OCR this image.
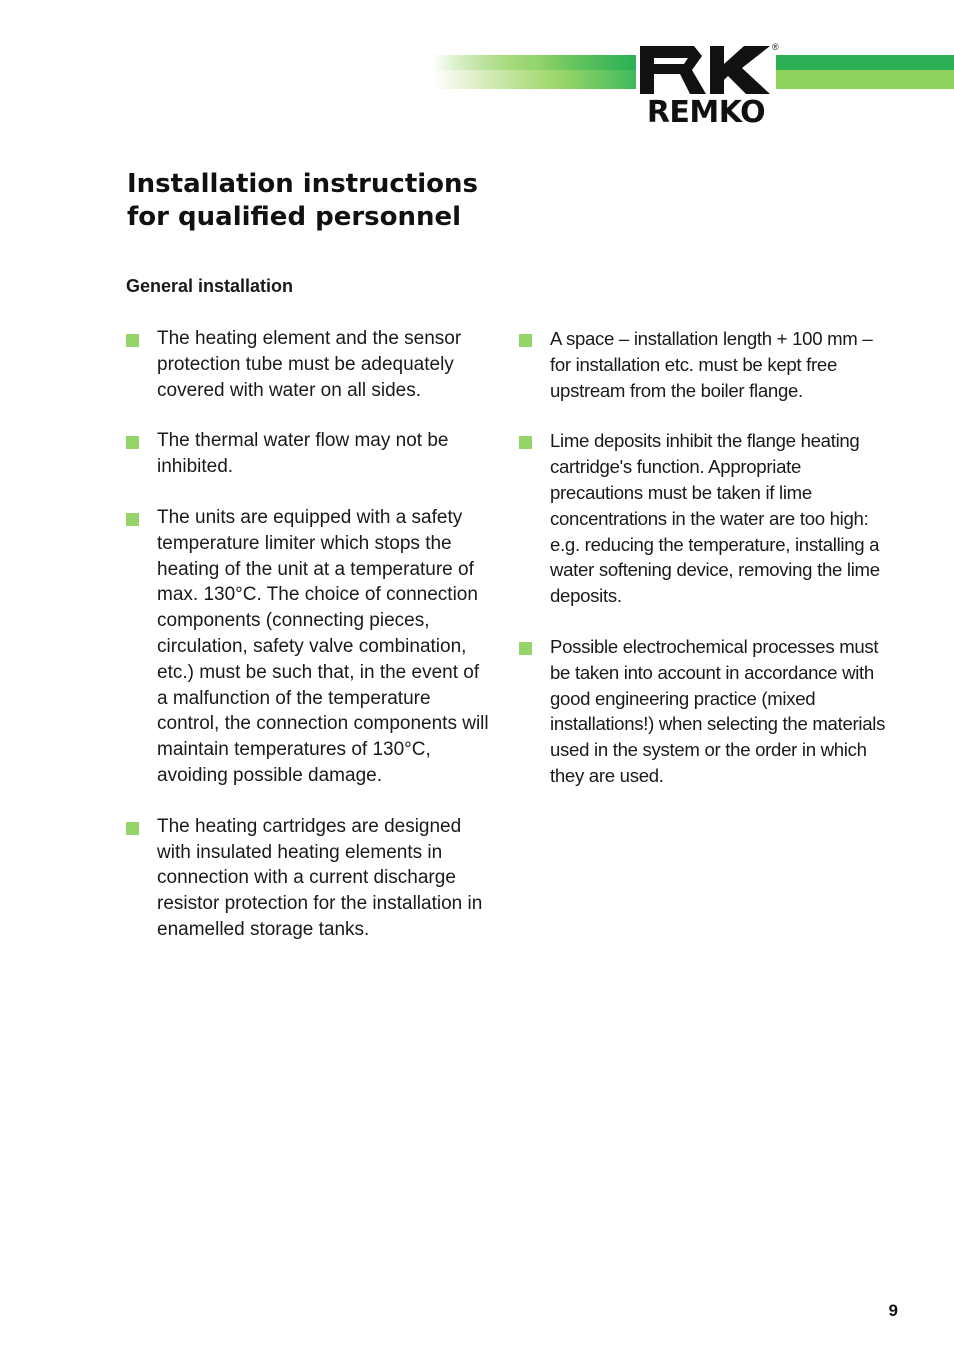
REMKO
®
Installation instructions
for qualified personnel
General installation
The heating element and the sensor protection tube must be adequately covered with water on all sides.
The thermal water flow may not be inhibited.
The units are equipped with a safety temperature limiter which stops the heating of the unit at a temperature of max. 130°C. The choice of connection components (connecting pieces, circulation, safety valve combination, etc.) must be such that, in the event of a malfunction of the temperature control, the connection components will maintain temperatures of 130°C, avoiding possible damage.
The heating cartridges are designed with insulated heating elements in connection with a current discharge resistor protection for the installation in enamelled storage tanks.
A space – installation length + 100 mm – for installation etc. must be kept free upstream from the boiler flange.
Lime deposits inhibit the flange heating cartridge's function. Appropriate precautions must be taken if lime concentrations in the water are too high: e.g. reducing the temperature, installing a water softening device, removing the lime deposits.
Possible electrochemical processes must be taken into account in accordance with good engineering practice (mixed installations!) when selecting the materials used in the system or the order in which they are used.
9
